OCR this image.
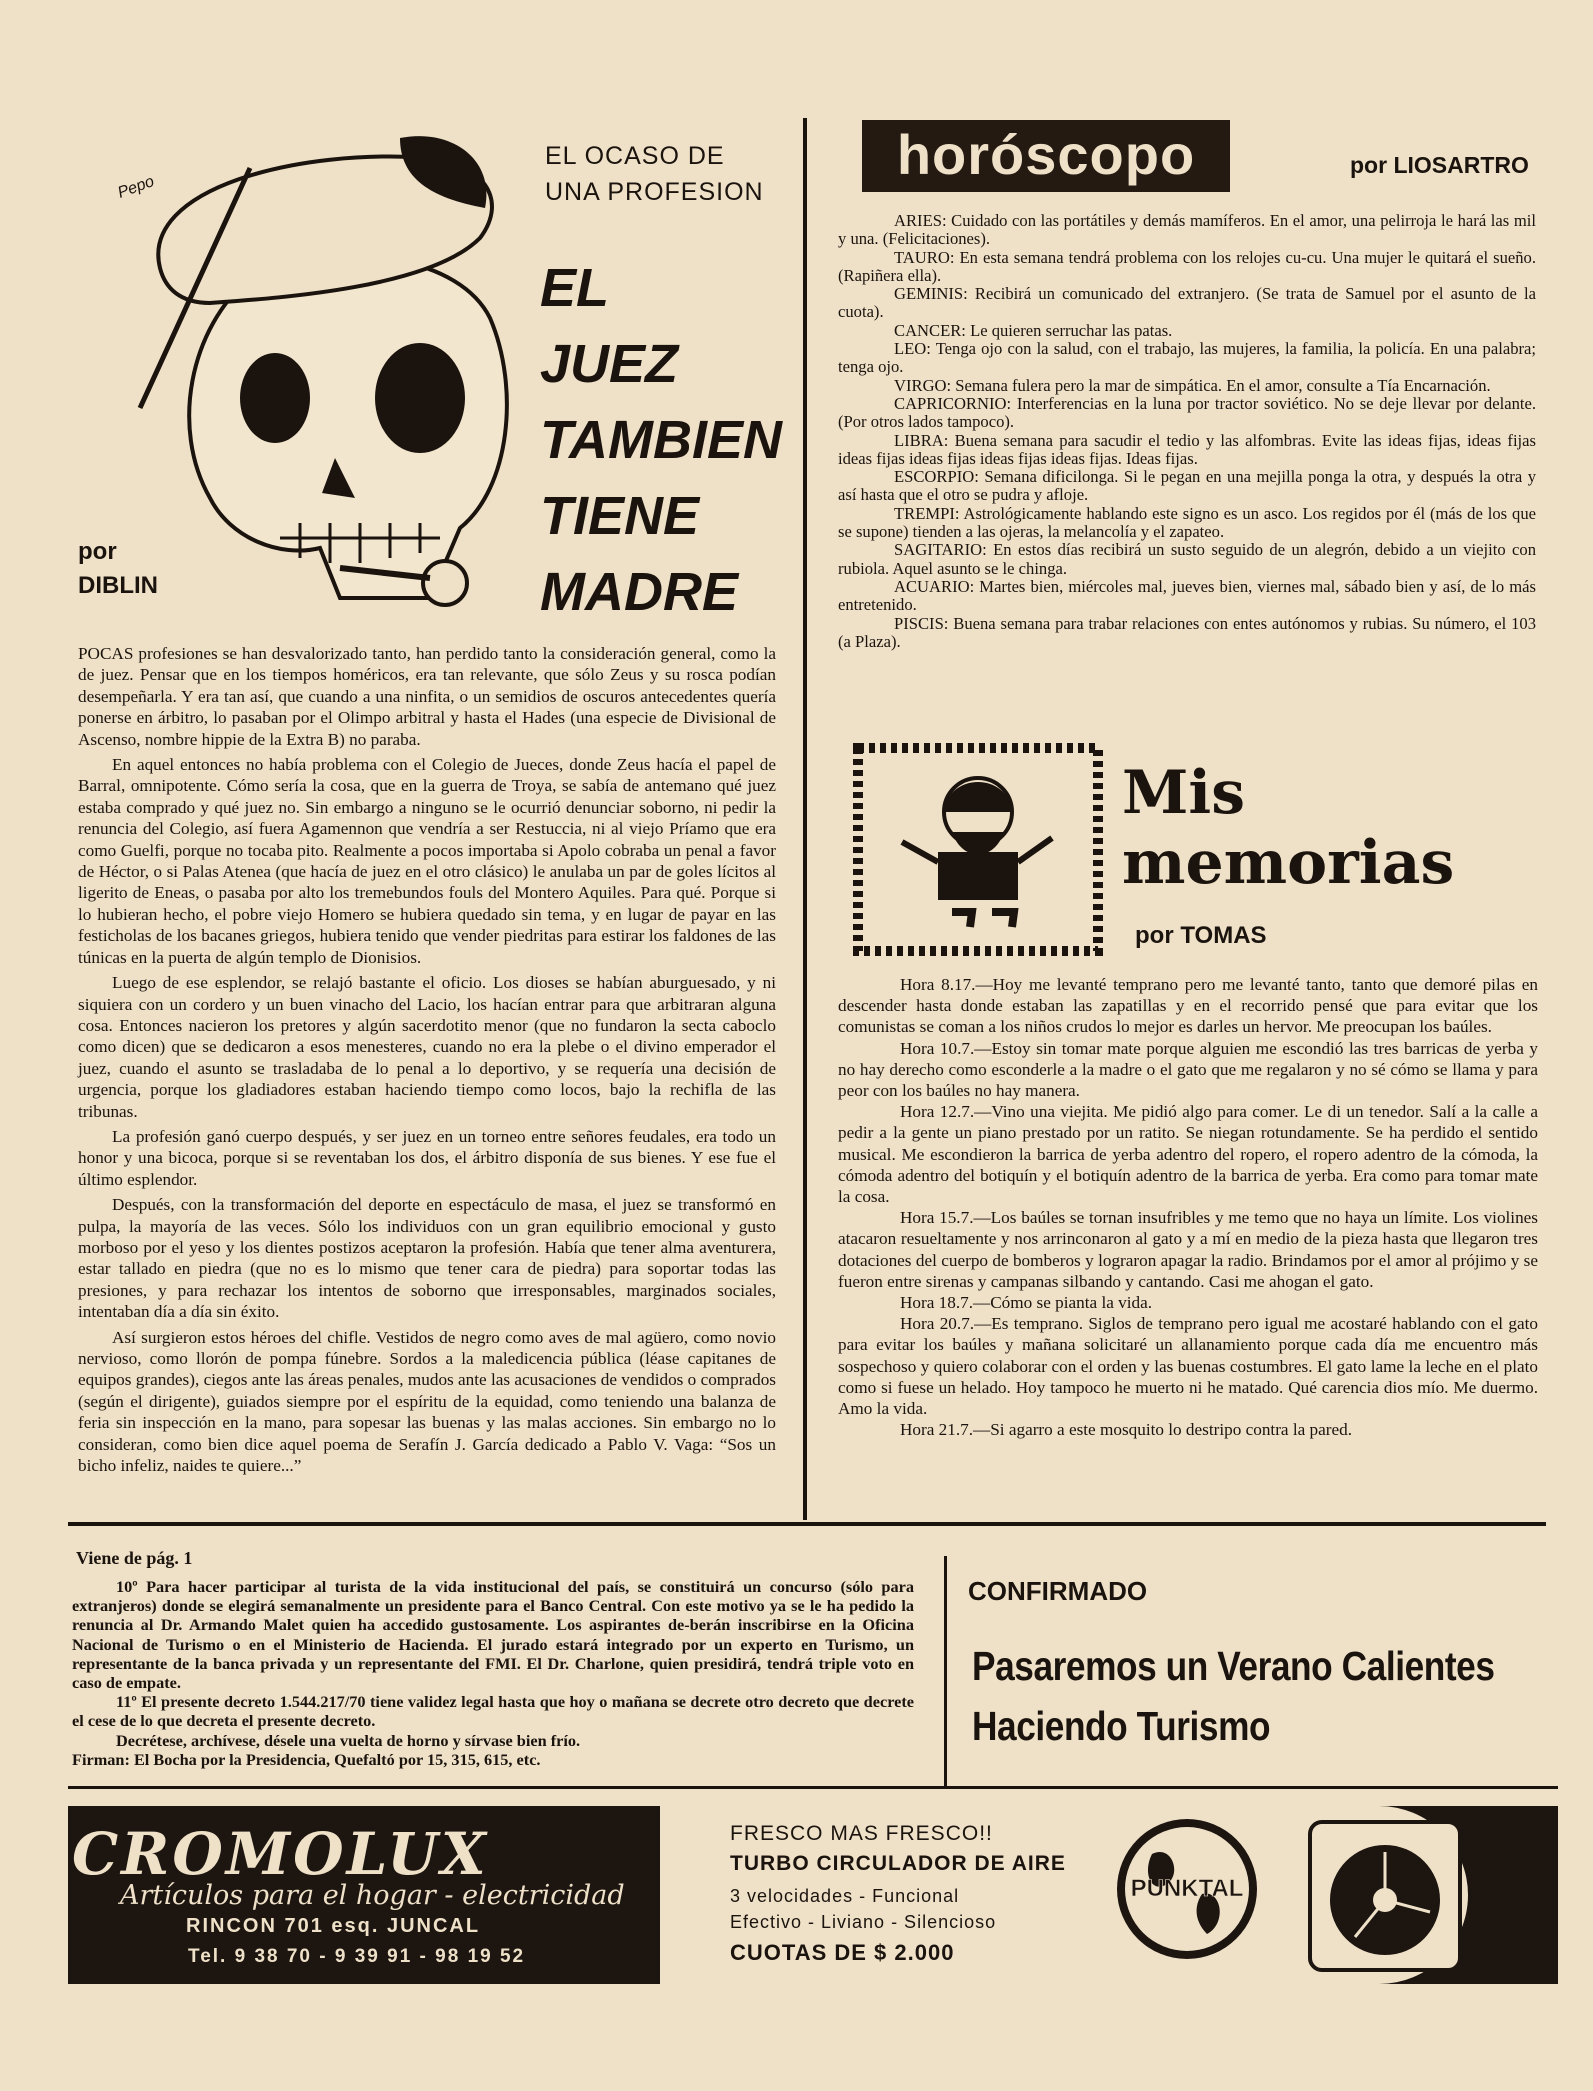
Pepo
EL OCASO DE
UNA PROFESION
EL
JUEZ
TAMBIEN
TIENE
MADRE
por
DIBLIN

POCAS profesiones se han desvalorizado tanto, han perdido tanto la consideración general, como la de juez. Pensar que en los tiempos homéricos, era tan relevante, que sólo Zeus y su rosca podían desempeñarla. Y era tan así, que cuando a una ninfita, o un semidios de oscuros antecedentes quería ponerse en árbitro, lo pasaban por el Olimpo arbitral y hasta el Hades (una especie de Divisional de Ascenso, nombre hippie de la Extra B) no paraba.

En aquel entonces no había problema con el Colegio de Jueces, donde Zeus hacía el papel de Barral, omnipotente. Cómo sería la cosa, que en la guerra de Troya, se sabía de antemano qué juez estaba comprado y qué juez no. Sin embargo a ninguno se le ocurrió denunciar soborno, ni pedir la renuncia del Colegio, así fuera Agamennon que vendría a ser Restuccia, ni al viejo Príamo que era como Guelfi, porque no tocaba pito. Realmente a pocos importaba si Apolo cobraba un penal a favor de Héctor, o si Palas Atenea (que hacía de juez en el otro clásico) le anulaba un par de goles lícitos al ligerito de Eneas, o pasaba por alto los tremebundos fouls del Montero Aquiles. Para qué. Porque si lo hubieran hecho, el pobre viejo Homero se hubiera quedado sin tema, y en lugar de payar en las festicholas de los bacanes griegos, hubiera tenido que vender piedritas para estirar los faldones de las túnicas en la puerta de algún templo de Dionisios.

Luego de ese esplendor, se relajó bastante el oficio. Los dioses se habían aburguesado, y ni siquiera con un cordero y un buen vinacho del Lacio, los hacían entrar para que arbitraran alguna cosa. Entonces nacieron los pretores y algún sacerdotito menor (que no fundaron la secta caboclo como dicen) que se dedicaron a esos menesteres, cuando no era la plebe o el divino emperador el juez, cuando el asunto se trasladaba de lo penal a lo deportivo, y se requería una decisión de urgencia, porque los gladiadores estaban haciendo tiempo como locos, bajo la rechifla de las tribunas.

La profesión ganó cuerpo después, y ser juez en un torneo entre señores feudales, era todo un honor y una bicoca, porque si se reventaban los dos, el árbitro disponía de sus bienes. Y ese fue el último esplendor.

Después, con la transformación del deporte en espectáculo de masa, el juez se transformó en pulpa, la mayoría de las veces. Sólo los individuos con un gran equilibrio emocional y gusto morboso por el yeso y los dientes postizos aceptaron la profesión. Había que tener alma aventurera, estar tallado en piedra (que no es lo mismo que tener cara de piedra) para soportar todas las presiones, y para rechazar los intentos de soborno que irresponsables, marginados sociales, intentaban día a día sin éxito.

Así surgieron estos héroes del chifle. Vestidos de negro como aves de mal agüero, como novio nervioso, como llorón de pompa fúnebre. Sordos a la maledicencia pública (léase capitanes de equipos grandes), ciegos ante las áreas penales, mudos ante las acusaciones de vendidos o comprados (según el dirigente), guiados siempre por el espíritu de la equidad, como teniendo una balanza de feria sin inspección en la mano, para sopesar las buenas y las malas acciones. Sin embargo no lo consideran, como bien dice aquel poema de Serafín J. García dedicado a Pablo V. Vaga: “Sos un bicho infeliz, naides te quiere...”

horóscopo	por LIOSARTRO

ARIES: Cuidado con las portátiles y demás mamíferos. En el amor, una pelirroja le hará las mil y una. (Felicitaciones).

TAURO: En esta semana tendrá problema con los relojes cu-cu. Una mujer le quitará el sueño. (Rapiñera ella).

GEMINIS: Recibirá un comunicado del extranjero. (Se trata de Samuel por el asunto de la cuota).

CANCER: Le quieren serruchar las patas.

LEO: Tenga ojo con la salud, con el trabajo, las mujeres, la familia, la policía. En una palabra; tenga ojo.

VIRGO: Semana fulera pero la mar de simpática. En el amor, consulte a Tía Encarnación.

CAPRICORNIO: Interferencias en la luna por tractor soviético. No se deje llevar por delante. (Por otros lados tampoco).

LIBRA: Buena semana para sacudir el tedio y las alfombras. Evite las ideas fijas, ideas fijas ideas fijas ideas fijas ideas fijas ideas fijas. Ideas fijas.

ESCORPIO: Semana dificilonga. Si le pegan en una mejilla ponga la otra, y después la otra y así hasta que el otro se pudra y afloje.

TREMPI: Astrológicamente hablando este signo es un asco. Los regidos por él (más de los que se supone) tienden a las ojeras, la melancolía y el zapateo.

SAGITARIO: En estos días recibirá un susto seguido de un alegrón, debido a un viejito con rubiola. Aquel asunto se le chinga.

ACUARIO: Martes bien, miércoles mal, jueves bien, viernes mal, sábado bien y así, de lo más entretenido.

PISCIS: Buena semana para trabar relaciones con entes autónomos y rubias. Su número, el 103 (a Plaza).

Mis
memorias
por TOMAS

Hora 8.17.—Hoy me levanté temprano pero me levanté tanto, tanto que demoré pilas en descender hasta donde estaban las zapatillas y en el recorrido pensé que para evitar que los comunistas se coman a los niños crudos lo mejor es darles un hervor. Me preocupan los baúles.

Hora 10.7.—Estoy sin tomar mate porque alguien me escondió las tres barricas de yerba y no hay derecho como esconderle a la madre o el gato que me regalaron y no sé cómo se llama y para peor con los baúles no hay manera.

Hora 12.7.—Vino una viejita. Me pidió algo para comer. Le di un tenedor. Salí a la calle a pedir a la gente un piano prestado por un ratito. Se niegan rotundamente. Se ha perdido el sentido musical. Me escondieron la barrica de yerba adentro del ropero, el ropero adentro de la cómoda, la cómoda adentro del botiquín y el botiquín adentro de la barrica de yerba. Era como para tomar mate la cosa.

Hora 15.7.—Los baúles se tornan insufribles y me temo que no haya un límite. Los violines atacaron resueltamente y nos arrinconaron al gato y a mí en medio de la pieza hasta que llegaron tres dotaciones del cuerpo de bomberos y lograron apagar la radio. Brindamos por el amor al prójimo y se fueron entre sirenas y campanas silbando y cantando. Casi me ahogan el gato.

Hora 18.7.—Cómo se pianta la vida.

Hora 20.7.—Es temprano. Siglos de temprano pero igual me acostaré hablando con el gato para evitar los baúles y mañana solicitaré un allanamiento porque cada día me encuentro más sospechoso y quiero colaborar con el orden y las buenas costumbres. El gato lame la leche en el plato como si fuese un helado. Hoy tampoco he muerto ni he matado. Qué carencia dios mío. Me duermo. Amo la vida.

Hora 21.7.—Si agarro a este mosquito lo destripo contra la pared.

Viene de pág. 1

10º Para hacer participar al turista de la vida institucional del país, se constituirá un concurso (sólo para extranjeros) donde se elegirá semanalmente un presidente para el Banco Central. Con este motivo ya se le ha pedido la renuncia al Dr. Armando Malet quien ha accedido gustosamente. Los aspirantes de-berán inscribirse en la Oficina Nacional de Turismo o en el Ministerio de Hacienda. El jurado estará integrado por un experto en Turismo, un representante de la banca privada y un representante del FMI. El Dr. Charlone, quien presidirá, tendrá triple voto en caso de empate.

11º El presente decreto 1.544.217/70 tiene validez legal hasta que hoy o mañana se decrete otro decreto que decrete el cese de lo que decreta el presente decreto.

Decrétese, archívese, désele una vuelta de horno y sírvase bien frío.

Firman: El Bocha por la Presidencia, Quefaltó por 15, 315, 615, etc.

CONFIRMADO
Pasaremos un Verano Calientes
Haciendo Turismo
CROMOLUX
Artículos para el hogar - electricidad
RINCON 701 esq. JUNCAL
Tel. 9 38 70 - 9 39 91 - 98 19 52
FRESCO MAS FRESCO!!
TURBO CIRCULADOR DE AIRE
3 velocidades - Funcional
Efectivo - Liviano - Silencioso
CUOTAS DE $ 2.000
PUNKTAL
